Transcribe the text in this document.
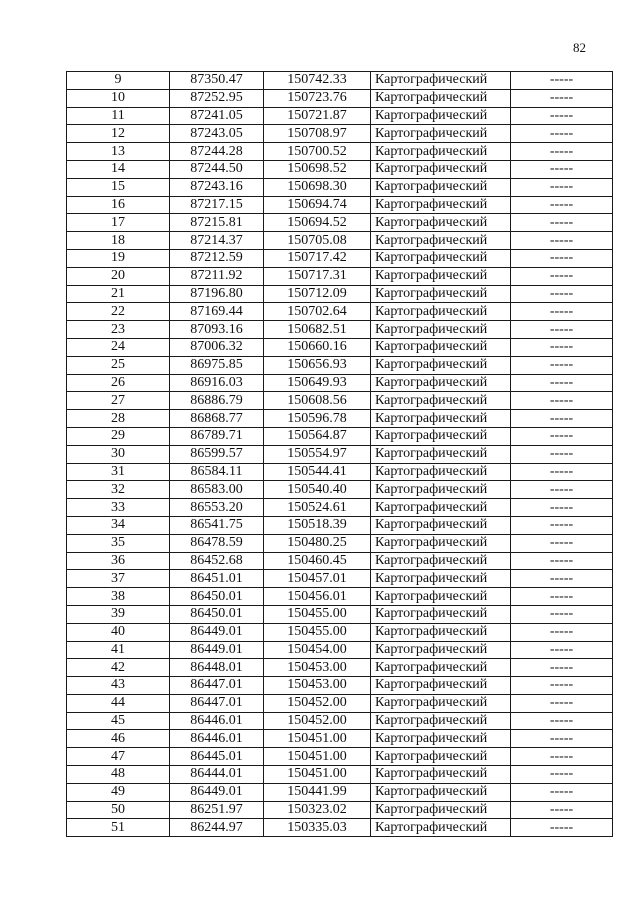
82
9	87350.47	150742.33	Картографический	-----
10	87252.95	150723.76	Картографический	-----
11	87241.05	150721.87	Картографический	-----
12	87243.05	150708.97	Картографический	-----
13	87244.28	150700.52	Картографический	-----
14	87244.50	150698.52	Картографический	-----
15	87243.16	150698.30	Картографический	-----
16	87217.15	150694.74	Картографический	-----
17	87215.81	150694.52	Картографический	-----
18	87214.37	150705.08	Картографический	-----
19	87212.59	150717.42	Картографический	-----
20	87211.92	150717.31	Картографический	-----
21	87196.80	150712.09	Картографический	-----
22	87169.44	150702.64	Картографический	-----
23	87093.16	150682.51	Картографический	-----
24	87006.32	150660.16	Картографический	-----
25	86975.85	150656.93	Картографический	-----
26	86916.03	150649.93	Картографический	-----
27	86886.79	150608.56	Картографический	-----
28	86868.77	150596.78	Картографический	-----
29	86789.71	150564.87	Картографический	-----
30	86599.57	150554.97	Картографический	-----
31	86584.11	150544.41	Картографический	-----
32	86583.00	150540.40	Картографический	-----
33	86553.20	150524.61	Картографический	-----
34	86541.75	150518.39	Картографический	-----
35	86478.59	150480.25	Картографический	-----
36	86452.68	150460.45	Картографический	-----
37	86451.01	150457.01	Картографический	-----
38	86450.01	150456.01	Картографический	-----
39	86450.01	150455.00	Картографический	-----
40	86449.01	150455.00	Картографический	-----
41	86449.01	150454.00	Картографический	-----
42	86448.01	150453.00	Картографический	-----
43	86447.01	150453.00	Картографический	-----
44	86447.01	150452.00	Картографический	-----
45	86446.01	150452.00	Картографический	-----
46	86446.01	150451.00	Картографический	-----
47	86445.01	150451.00	Картографический	-----
48	86444.01	150451.00	Картографический	-----
49	86449.01	150441.99	Картографический	-----
50	86251.97	150323.02	Картографический	-----
51	86244.97	150335.03	Картографический	-----
